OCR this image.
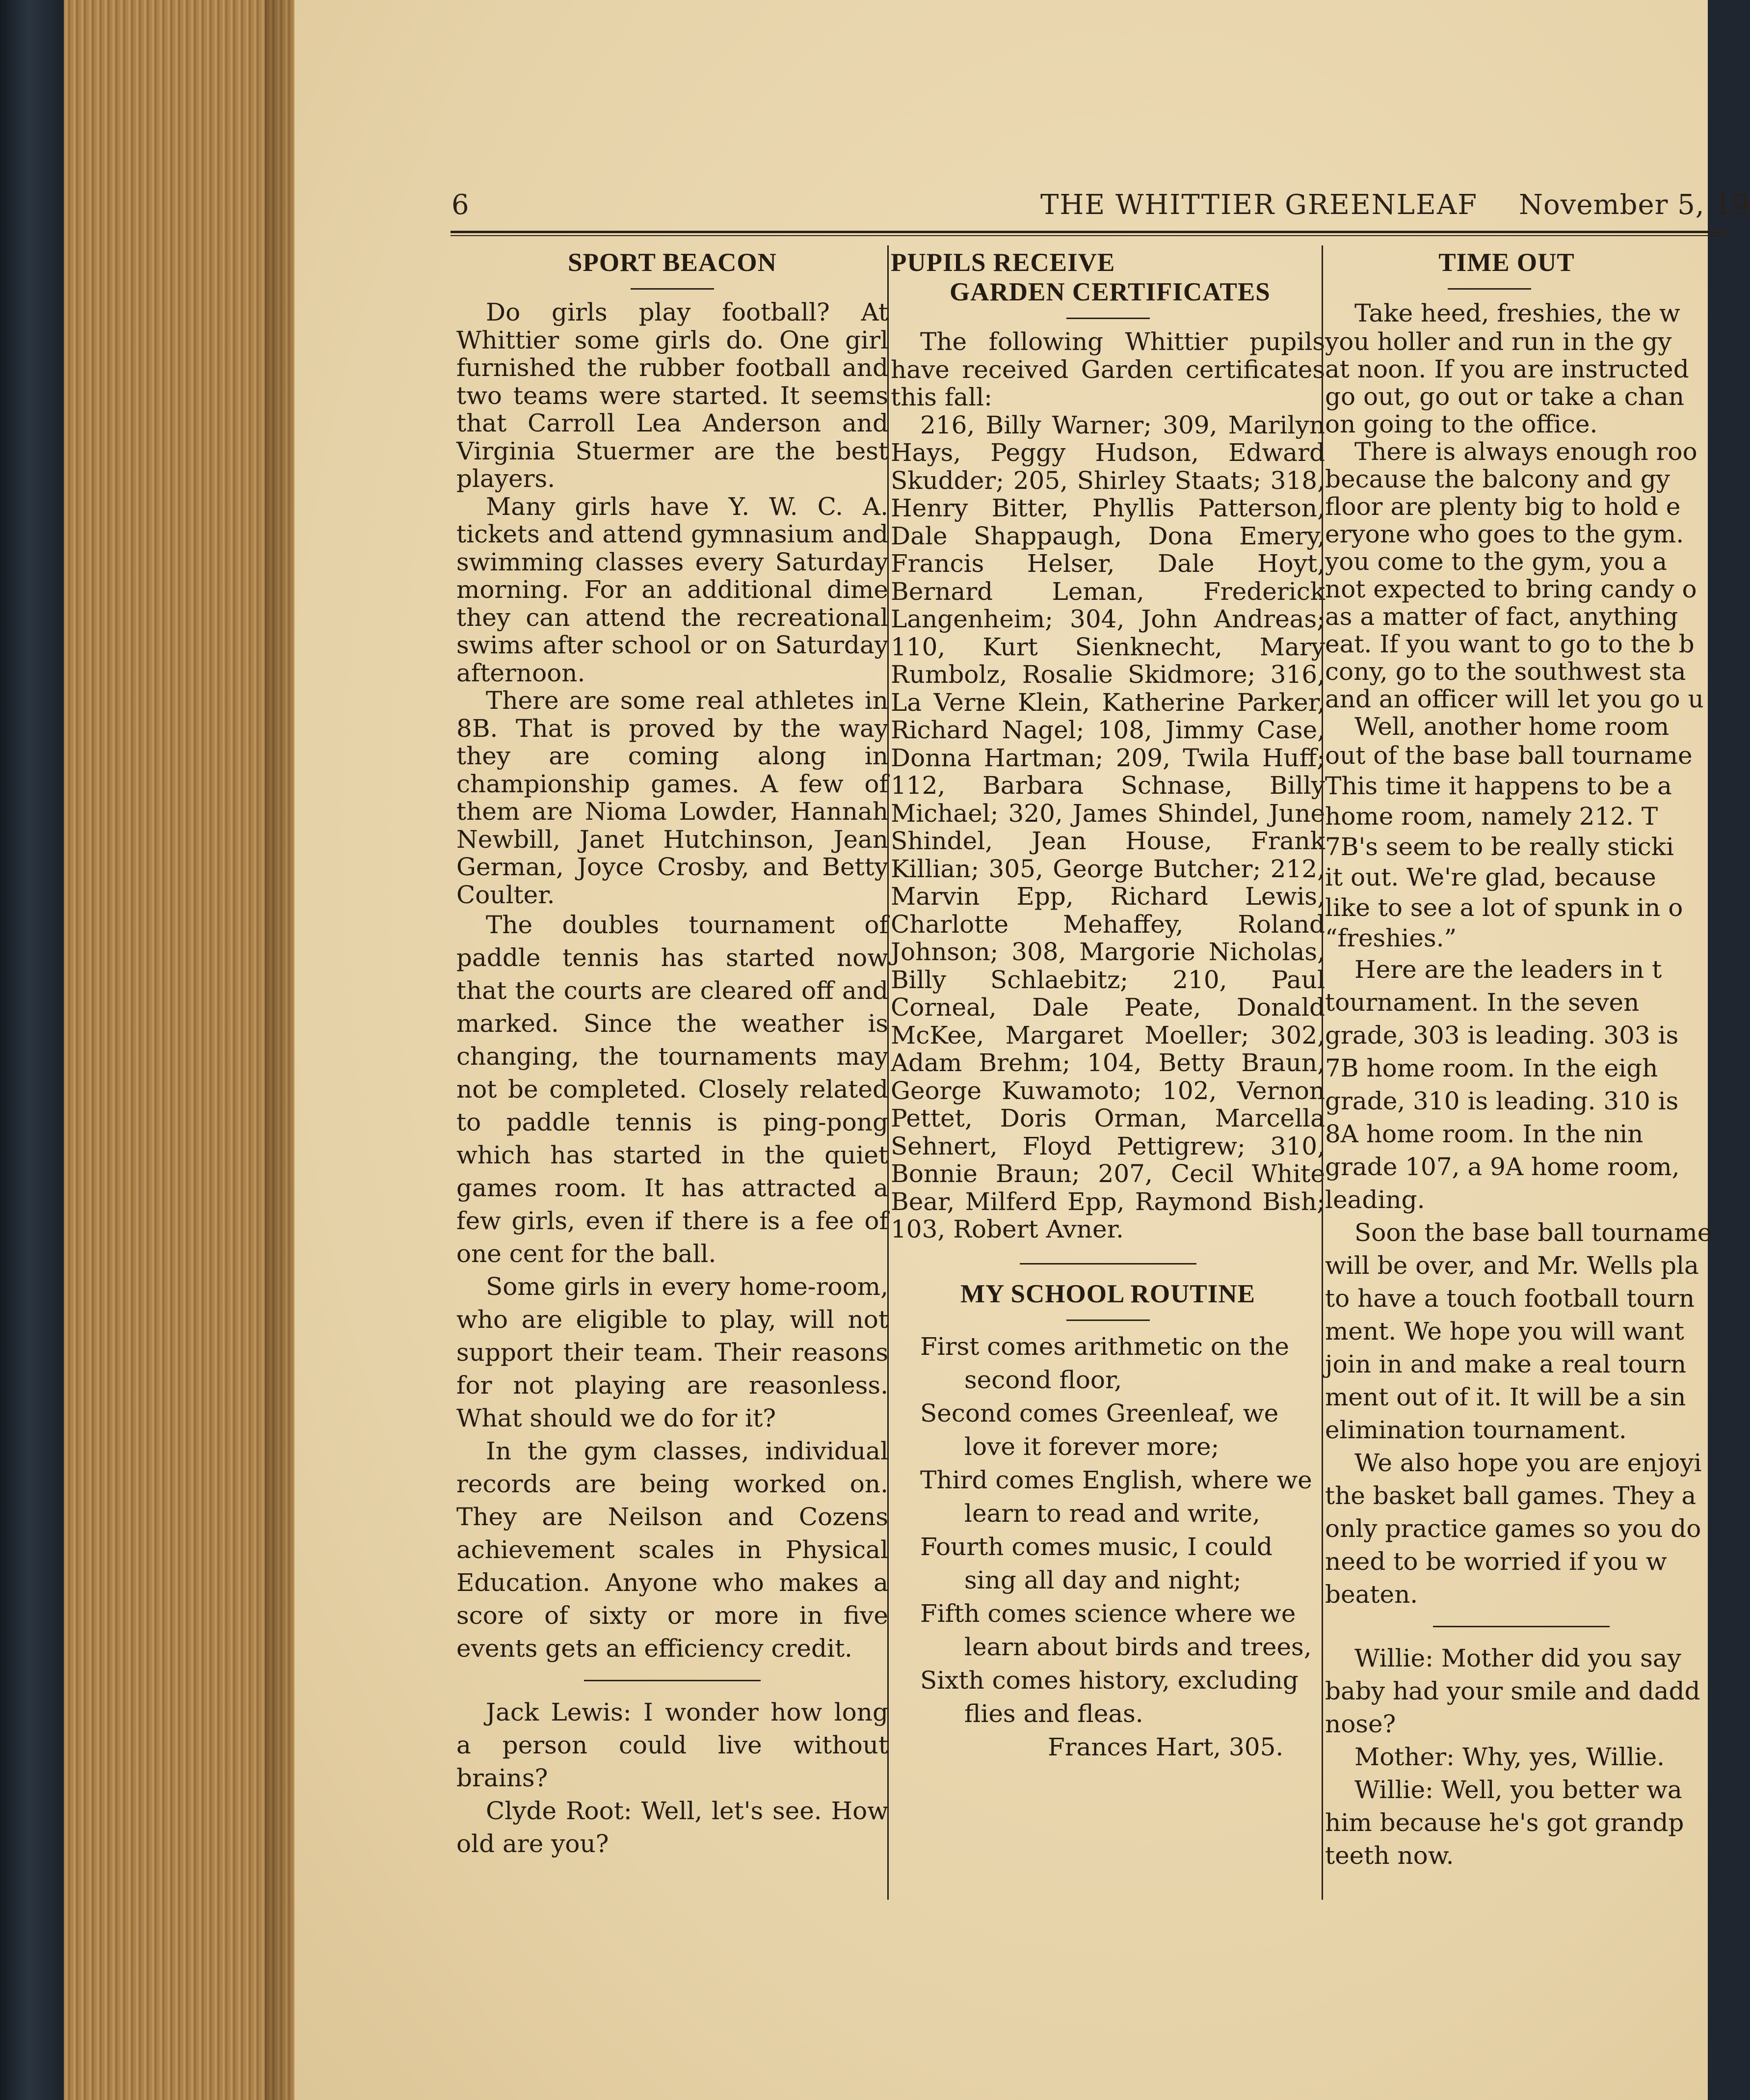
6	THE WHITTIER GREENLEAF November 5, 19
SPORT BEACON

Do girls play football? At Whittier some girls do. One girl furnished the rubber football and two teams were started. It seems that Carroll Lea Anderson and Virginia Stuermer are the best players.

Many girls have Y. W. C. A. tickets and attend gymnasium and swimming classes every Saturday morning. For an additional dime they can attend the recreational swims after school or on Saturday afternoon.

There are some real athletes in 8B. That is proved by the way they are coming along in championship games. A few of them are Nioma Lowder, Hannah Newbill, Janet Hutchinson, Jean German, Joyce Crosby, and Betty Coulter.

The doubles tournament of paddle tennis has started now that the courts are cleared off and marked. Since the weather is changing, the tournaments may not be completed. Closely related to paddle tennis is ping-pong which has started in the quiet games room. It has attracted a few girls, even if there is a fee of one cent for the ball.

Some girls in every home-room, who are eligible to play, will not support their team. Their reasons for not playing are reasonless. What should we do for it?

In the gym classes, individual records are being worked on. They are Neilson and Cozens achievement scales in Physical Education. Anyone who makes a score of sixty or more in five events gets an efficiency credit.

Jack Lewis: I wonder how long a person could live without brains?

Clyde Root: Well, let's see. How old are you?

PUPILS RECEIVE
GARDEN CERTIFICATES

The following Whittier pupils have received Garden certificates this fall:

216, Billy Warner; 309, Marilyn Hays, Peggy Hudson, Edward Skudder; 205, Shirley Staats; 318, Henry Bitter, Phyllis Patterson, Dale Shappaugh, Dona Emery, Francis Helser, Dale Hoyt, Bernard Leman, Frederick Langenheim; 304, John Andreas; 110, Kurt Sienknecht, Mary Rumbolz, Rosalie Skidmore; 316, La Verne Klein, Katherine Parker, Richard Nagel; 108, Jimmy Case, Donna Hartman; 209, Twila Huff; 112, Barbara Schnase, Billy Michael; 320, James Shindel, June Shindel, Jean House, Frank Killian; 305, George Butcher; 212, Marvin Epp, Richard Lewis, Charlotte Mehaffey, Roland Johnson; 308, Margorie Nicholas, Billy Schlaebitz; 210, Paul Corneal, Dale Peate, Donald McKee, Margaret Moeller; 302, Adam Brehm; 104, Betty Braun, George Kuwamoto; 102, Vernon Pettet, Doris Orman, Marcella Sehnert, Floyd Pettigrew; 310, Bonnie Braun; 207, Cecil White Bear, Milferd Epp, Raymond Bish; 103, Robert Avner.

MY SCHOOL ROUTINE

First comes arithmetic on the second floor,

Second comes Greenleaf, we love it forever more;

Third comes English, where we learn to read and write,

Fourth comes music, I could sing all day and night;

Fifth comes science where we learn about birds and trees,

Sixth comes history, excluding flies and fleas.

Frances Hart, 305.

TIME OUT

Take heed, freshies, the w

you holler and run in the gy

at noon. If you are instructed

go out, go out or take a chan

on going to the office.

There is always enough roo

because the balcony and gy

floor are plenty big to hold e

eryone who goes to the gym.

you come to the gym, you a

not expected to bring candy o

as a matter of fact, anything

eat. If you want to go to the b

cony, go to the southwest sta

and an officer will let you go u

Well, another home room

out of the base ball tourname

This time it happens to be a

home room, namely 212. T

7B's seem to be really sticki

it out. We're glad, because

like to see a lot of spunk in o

“freshies.”

Here are the leaders in t

tournament. In the seven

grade, 303 is leading. 303 is

7B home room. In the eigh

grade, 310 is leading. 310 is

8A home room. In the nin

grade 107, a 9A home room,

leading.

Soon the base ball tourname

will be over, and Mr. Wells pla

to have a touch football tourn

ment. We hope you will want

join in and make a real tourn

ment out of it. It will be a sin

elimination tournament.

We also hope you are enjoyi

the basket ball games. They a

only practice games so you do

need to be worried if you w

beaten.

Willie: Mother did you say

baby had your smile and dadd

nose?

Mother: Why, yes, Willie.

Willie: Well, you better wa

him because he's got grandp

teeth now.
